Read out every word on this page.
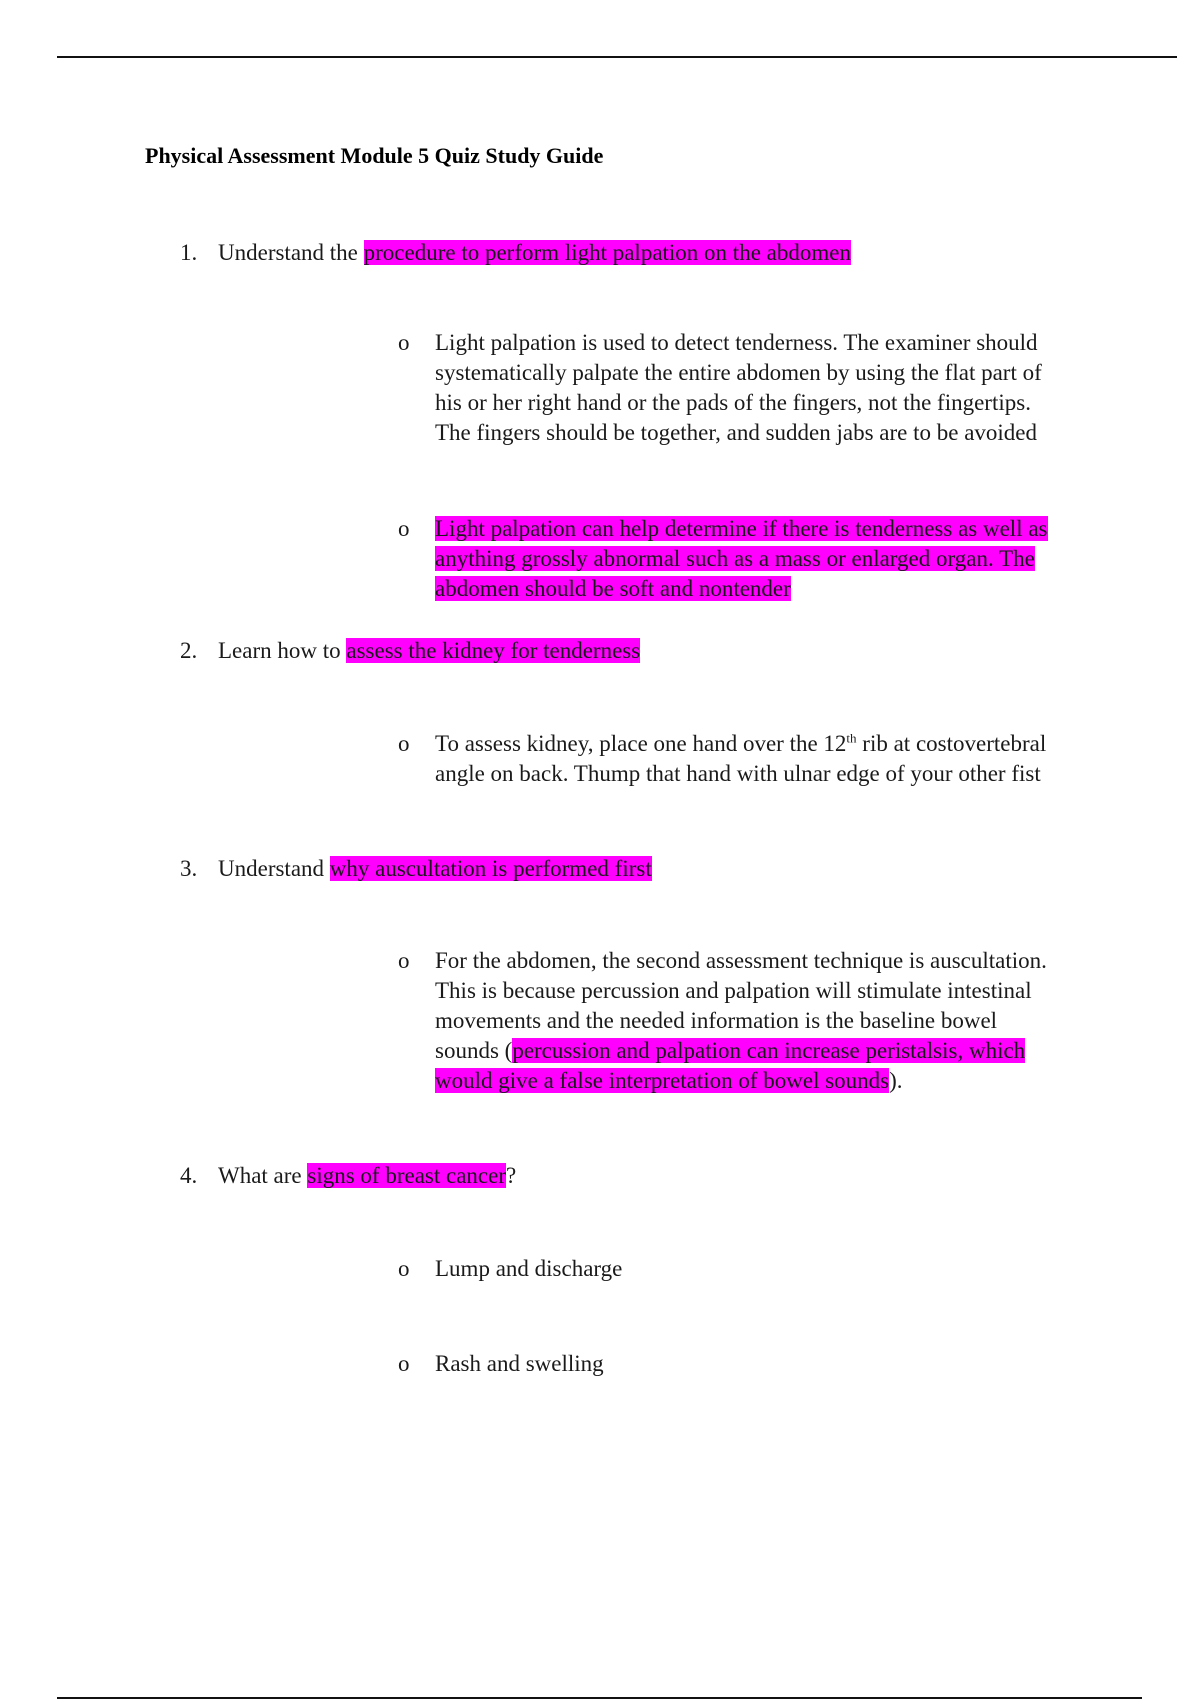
Physical Assessment Module 5 Quiz Study Guide
1. Understand the procedure to perform light palpation on the abdomen
o Light palpation is used to detect tenderness. The examiner should
systematically palpate the entire abdomen by using the flat part of
his or her right hand or the pads of the fingers, not the fingertips.
The fingers should be together, and sudden jabs are to be avoided
o Light palpation can help determine if there is tenderness as well as
anything grossly abnormal such as a mass or enlarged organ. The
abdomen should be soft and nontender
2. Learn how to assess the kidney for tenderness
o To assess kidney, place one hand over the 12th rib at costovertebral
angle on back. Thump that hand with ulnar edge of your other fist
3. Understand why auscultation is performed first
o For the abdomen, the second assessment technique is auscultation.
This is because percussion and palpation will stimulate intestinal
movements and the needed information is the baseline bowel
sounds (percussion and palpation can increase peristalsis, which
would give a false interpretation of bowel sounds).
4. What are signs of breast cancer?
o Lump and discharge
o Rash and swelling
